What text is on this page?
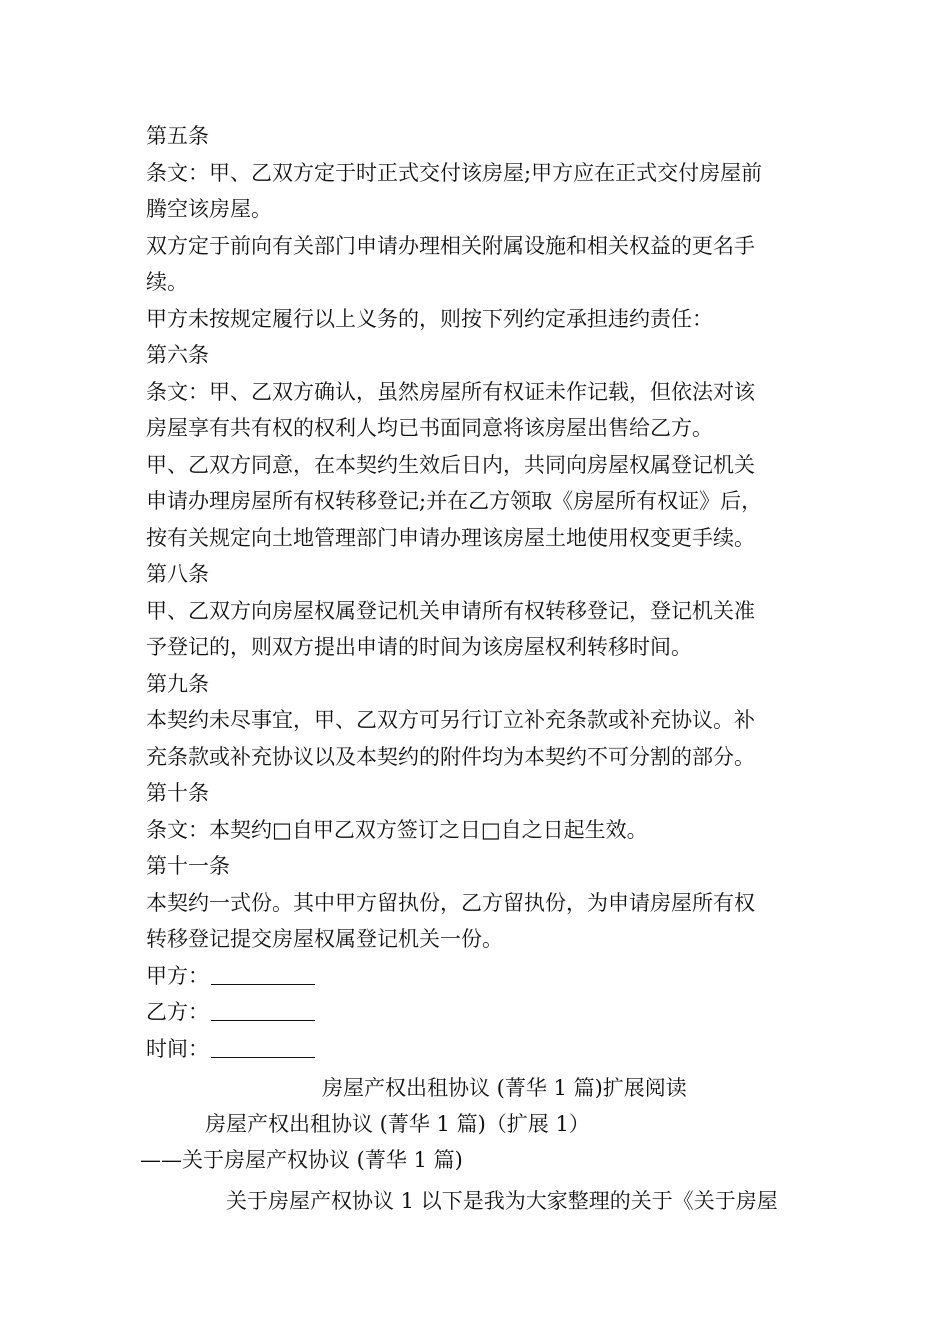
第五条
条文：甲、乙双方定于时正式交付该房屋;甲方应在正式交付房屋前
腾空该房屋。
双方定于前向有关部门申请办理相关附属设施和相关权益的更名手
续。
甲方未按规定履行以上义务的，则按下列约定承担违约责任：
第六条
条文：甲、乙双方确认，虽然房屋所有权证未作记载，但依法对该
房屋享有共有权的权利人均已书面同意将该房屋出售给乙方。
甲、乙双方同意，在本契约生效后日内，共同向房屋权属登记机关
申请办理房屋所有权转移登记;并在乙方领取《房屋所有权证》后，
按有关规定向土地管理部门申请办理该房屋土地使用权变更手续。
第八条
甲、乙双方向房屋权属登记机关申请所有权转移登记，登记机关准
予登记的，则双方提出申请的时间为该房屋权利转移时间。
第九条
本契约未尽事宜，甲、乙双方可另行订立补充条款或补充协议。补
充条款或补充协议以及本契约的附件均为本契约不可分割的部分。
第十条
条文：本契约□自甲乙双方签订之日□自之日起生效。
第十一条
本契约一式份。其中甲方留执份，乙方留执份，为申请房屋所有权
转移登记提交房屋权属登记机关一份。
甲方：
乙方：
时间：
房屋产权出租协议 (菁华 1 篇)扩展阅读
房屋产权出租协议 (菁华 1 篇)（扩展 1）
——关于房屋产权协议 (菁华 1 篇)
关于房屋产权协议 1 以下是我为大家整理的关于《关于房屋
